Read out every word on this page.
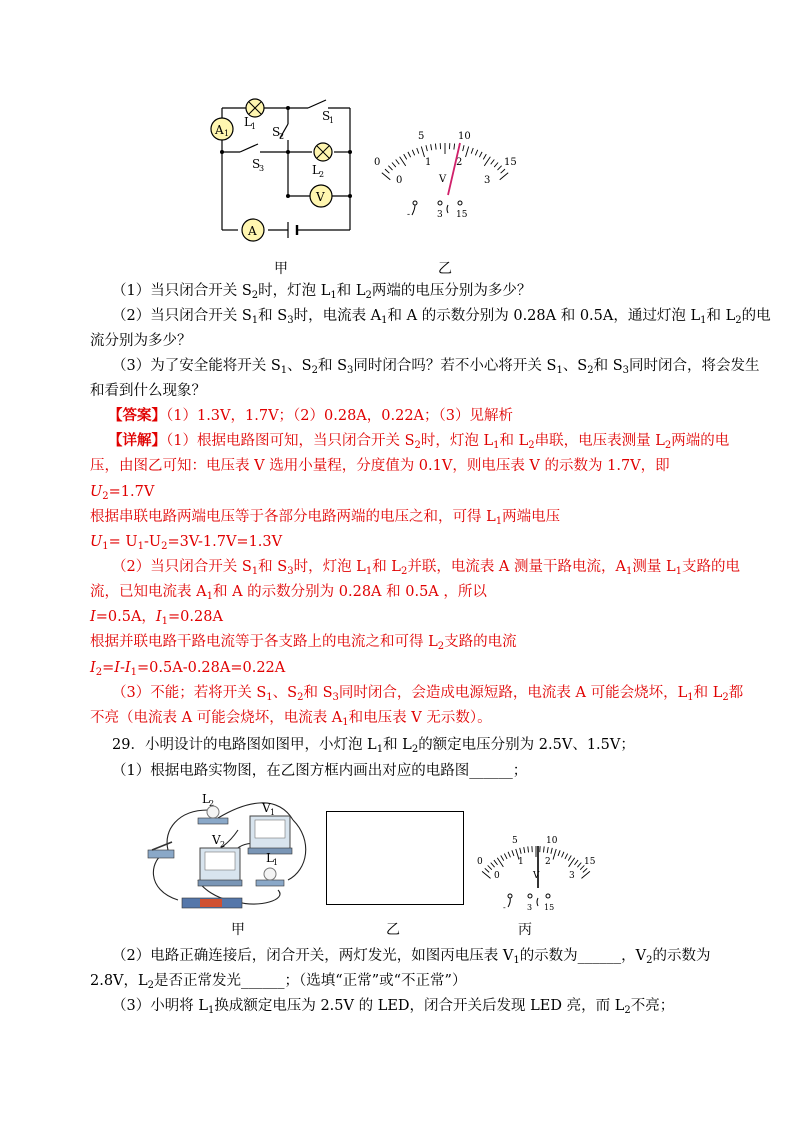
A 1
V
A
L 1 S
2
S
1
S
3	L 2
0
5	10
15
0
1 2
3
V
-	3 15
甲	乙
（1）当只闭合开关 $S_2$时，灯泡 $L_1$和 $L_2$两端的电压分别为多少？
（2）当只闭合开关 $S_1$和 $S_3$时，电流表 $A_1$和 A 的示数分别为 0.28A 和 0.5A，通过灯泡 $L_1$和 $L_2$的电
流分别为多少？
（3）为了安全能将开关 $S_1$、$S_2$和 $S_3$同时闭合吗？若不小心将开关 $S_1$、$S_2$和 $S_3$同时闭合，将会发生
和看到什么现象？
【答案】（1）1.3V，1.7V；（2）0.28A，0.22A；（3）见解析
【详解】（1）根据电路图可知，当只闭合开关 $S_2$时，灯泡 $L_1$和 $L_2$串联，电压表测量 $L_2$两端的电
压，由图乙可知：电压表 V 选用小量程，分度值为 0.1V，则电压表 V 的示数为 1.7V，即
$U_2=1.7V$
根据串联电路两端电压等于各部分电路两端的电压之和，可得 $L_1$两端电压
$U_1= U_1-U_2=3V-1.7V=1.3V$
（2）当只闭合开关 $S_1$和 $S_3$时，灯泡 $L_1$和 $L_2$并联，电流表 A 测量干路电流，$A_1$测量 $L_1$支路的电
流，已知电流表 $A_1$和 A 的示数分别为 0.28A 和 0.5A ，所以
I=0.5A，$I_1=0.28A$
根据并联电路干路电流等于各支路上的电流之和可得 $L_2$支路的电流
$I_2=I-I_1=0.5A-0.28A=0.22A$
（3）不能；若将开关 $S_1$、$S_2$和 $S_3$同时闭合，会造成电源短路，电流表 A 可能会烧坏，$L_1$和 $L_2$都
不亮（电流表 A 可能会烧坏，电流表 $A_1$和电压表 V 无示数）。
29．小明设计的电路图如图甲，小灯泡 $L_1$和 $L_2$的额定电压分别为 2.5V、1.5V；
（1）根据电路实物图，在乙图方框内画出对应的电路图______；
L 2	V 1
V 2
L 1	0
5	10
15
0
1 2
3
V
-	3 15
甲	乙	丙
（2）电路正确连接后，闭合开关，两灯发光，如图丙电压表 $V_1$的示数为______，$V_2$的示数为
2.8V，$L_2$是否正常发光______；（选填“正常”或“不正常”）
（3）小明将 $L_1$换成额定电压为 2.5V 的 LED，闭合开关后发现 LED 亮，而 $L_2$不亮；
